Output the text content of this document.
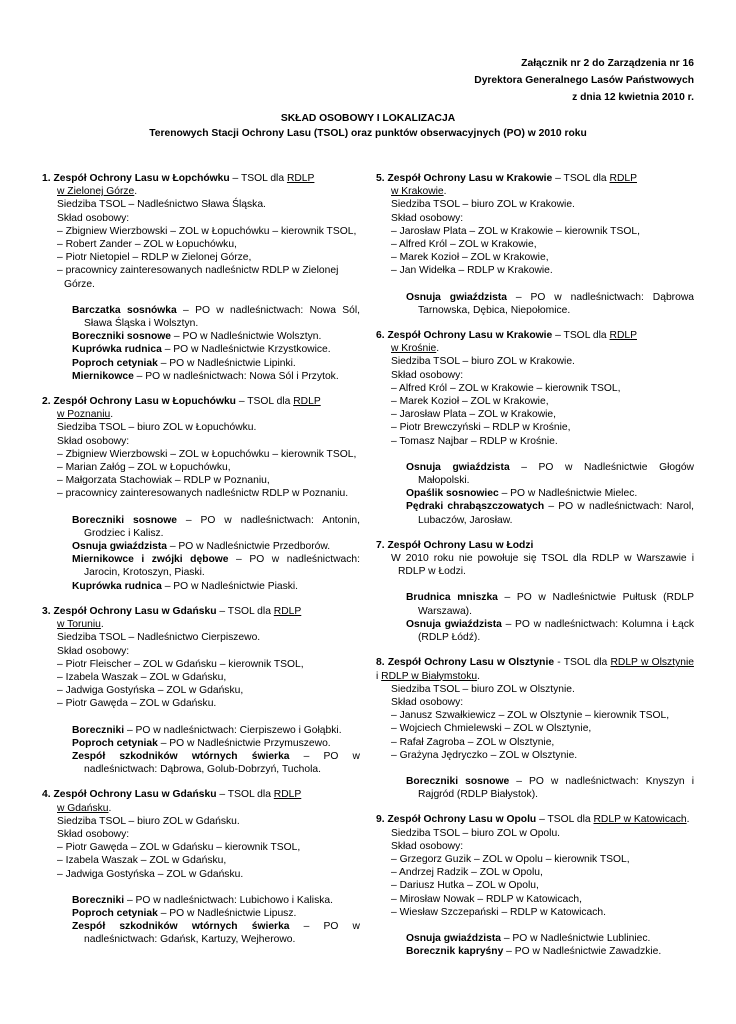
Załącznik nr 2 do Zarządzenia nr 16
Dyrektora Generalnego Lasów Państwowych
z dnia 12 kwietnia 2010 r.
SKŁAD OSOBOWY I LOKALIZACJA
Terenowych Stacji Ochrony Lasu (TSOL) oraz punktów obserwacyjnych (PO) w 2010 roku
1. Zespół Ochrony Lasu w Łopchówku – TSOL dla RDLP
w Zielonej Górze.
Siedziba TSOL – Nadleśnictwo Sława Śląska.
Skład osobowy:
– Zbigniew Wierzbowski – ZOL w Łopuchówku – kierownik TSOL,
– Robert Zander – ZOL w Łopuchówku,
– Piotr Nietopiel – RDLP w Zielonej Górze,
– pracownicy zainteresowanych nadleśnictw RDLP w Zielonej Górze.
Barczatka sosnówka – PO w nadleśnictwach: Nowa Sól, Sława Śląska i Wolsztyn.
Boreczniki sosnowe – PO w Nadleśnictwie Wolsztyn.
Kuprówka rudnica – PO w Nadleśnictwie Krzystkowice.
Poproch cetyniak – PO w Nadleśnictwie Lipinki.
Miernikowce – PO w nadleśnictwach: Nowa Sól i Przytok.
2. Zespół Ochrony Lasu w Łopuchówku – TSOL dla RDLP
w Poznaniu.
Siedziba TSOL – biuro ZOL w Łopuchówku.
Skład osobowy:
– Zbigniew Wierzbowski – ZOL w Łopuchówku – kierownik TSOL,
– Marian Załóg – ZOL w Łopuchówku,
– Małgorzata Stachowiak – RDLP w Poznaniu,
– pracownicy zainteresowanych nadleśnictw RDLP w Poznaniu.
Boreczniki sosnowe – PO w nadleśnictwach: Antonin, Grodziec i Kalisz.
Osnuja gwiaździsta – PO w Nadleśnictwie Przedborów.
Miernikowce i zwójki dębowe – PO w nadleśnictwach: Jarocin, Krotoszyn, Piaski.
Kuprówka rudnica – PO w Nadleśnictwie Piaski.
3. Zespół Ochrony Lasu w Gdańsku – TSOL dla RDLP
w Toruniu.
Siedziba TSOL – Nadleśnictwo Cierpiszewo.
Skład osobowy:
– Piotr Fleischer – ZOL w Gdańsku – kierownik TSOL,
– Izabela Waszak – ZOL w Gdańsku,
– Jadwiga Gostyńska – ZOL w Gdańsku,
– Piotr Gawęda – ZOL w Gdańsku.
Boreczniki – PO w nadleśnictwach: Cierpiszewo i Gołąbki.
Poproch cetyniak – PO w Nadleśnictwie Przymuszewo.
Zespół szkodników wtórnych świerka – PO w nadleśnictwach: Dąbrowa, Golub-Dobrzyń, Tuchola.
4. Zespół Ochrony Lasu w Gdańsku – TSOL dla RDLP
w Gdańsku.
Siedziba TSOL – biuro ZOL w Gdańsku.
Skład osobowy:
– Piotr Gawęda – ZOL w Gdańsku – kierownik TSOL,
– Izabela Waszak – ZOL w Gdańsku,
– Jadwiga Gostyńska – ZOL w Gdańsku.
Boreczniki – PO w nadleśnictwach: Lubichowo i Kaliska.
Poproch cetyniak – PO w Nadleśnictwie Lipusz.
Zespół szkodników wtórnych świerka – PO w nadleśnictwach: Gdańsk, Kartuzy, Wejherowo.
5. Zespół Ochrony Lasu w Krakowie – TSOL dla RDLP
w Krakowie.
Siedziba TSOL – biuro ZOL w Krakowie.
Skład osobowy:
– Jarosław Plata – ZOL w Krakowie – kierownik TSOL,
– Alfred Król – ZOL w Krakowie,
– Marek Kozioł – ZOL w Krakowie,
– Jan Widełka – RDLP w Krakowie.
Osnuja gwiaździsta – PO w nadleśnictwach: Dąbrowa Tarnowska, Dębica, Niepołomice.
6. Zespół Ochrony Lasu w Krakowie – TSOL dla RDLP
w Krośnie.
Siedziba TSOL – biuro ZOL w Krakowie.
Skład osobowy:
– Alfred Król – ZOL w Krakowie – kierownik TSOL,
– Marek Kozioł – ZOL w Krakowie,
– Jarosław Plata – ZOL w Krakowie,
– Piotr Brewczyński – RDLP w Krośnie,
– Tomasz Najbar – RDLP w Krośnie.
Osnuja gwiaździsta – PO w Nadleśnictwie Głogów Małopolski.
Opaślik sosnowiec – PO w Nadleśnictwie Mielec.
Pędraki chrabąszczowatych – PO w nadleśnictwach: Narol, Lubaczów, Jarosław.
7. Zespół Ochrony Lasu w Łodzi
W 2010 roku nie powołuje się TSOL dla RDLP w Warszawie i RDLP w Łodzi.
Brudnica mniszka – PO w Nadleśnictwie Pułtusk (RDLP Warszawa).
Osnuja gwiaździsta – PO w nadleśnictwach: Kolumna i Łąck (RDLP Łódź).
8. Zespół Ochrony Lasu w Olsztynie - TSOL dla RDLP w Olsztynie i RDLP w Białymstoku.
Siedziba TSOL – biuro ZOL w Olsztynie.
Skład osobowy:
– Janusz Szwałkiewicz – ZOL w Olsztynie – kierownik TSOL,
– Wojciech Chmielewski – ZOL w Olsztynie,
– Rafał Zagroba – ZOL w Olsztynie,
– Grażyna Jędryczko – ZOL w Olsztynie.
Boreczniki sosnowe – PO w nadleśnictwach: Knyszyn i Rajgród (RDLP Białystok).
9. Zespół Ochrony Lasu w Opolu – TSOL dla RDLP w Katowicach.
Siedziba TSOL – biuro ZOL w Opolu.
Skład osobowy:
– Grzegorz Guzik – ZOL w Opolu – kierownik TSOL,
– Andrzej Radzik – ZOL w Opolu,
– Dariusz Hutka – ZOL w Opolu,
– Mirosław Nowak – RDLP w Katowicach,
– Wiesław Szczepański – RDLP w Katowicach.
Osnuja gwiaździsta – PO w Nadleśnictwie Lubliniec.
Borecznik kapryśny – PO w Nadleśnictwie Zawadzkie.
